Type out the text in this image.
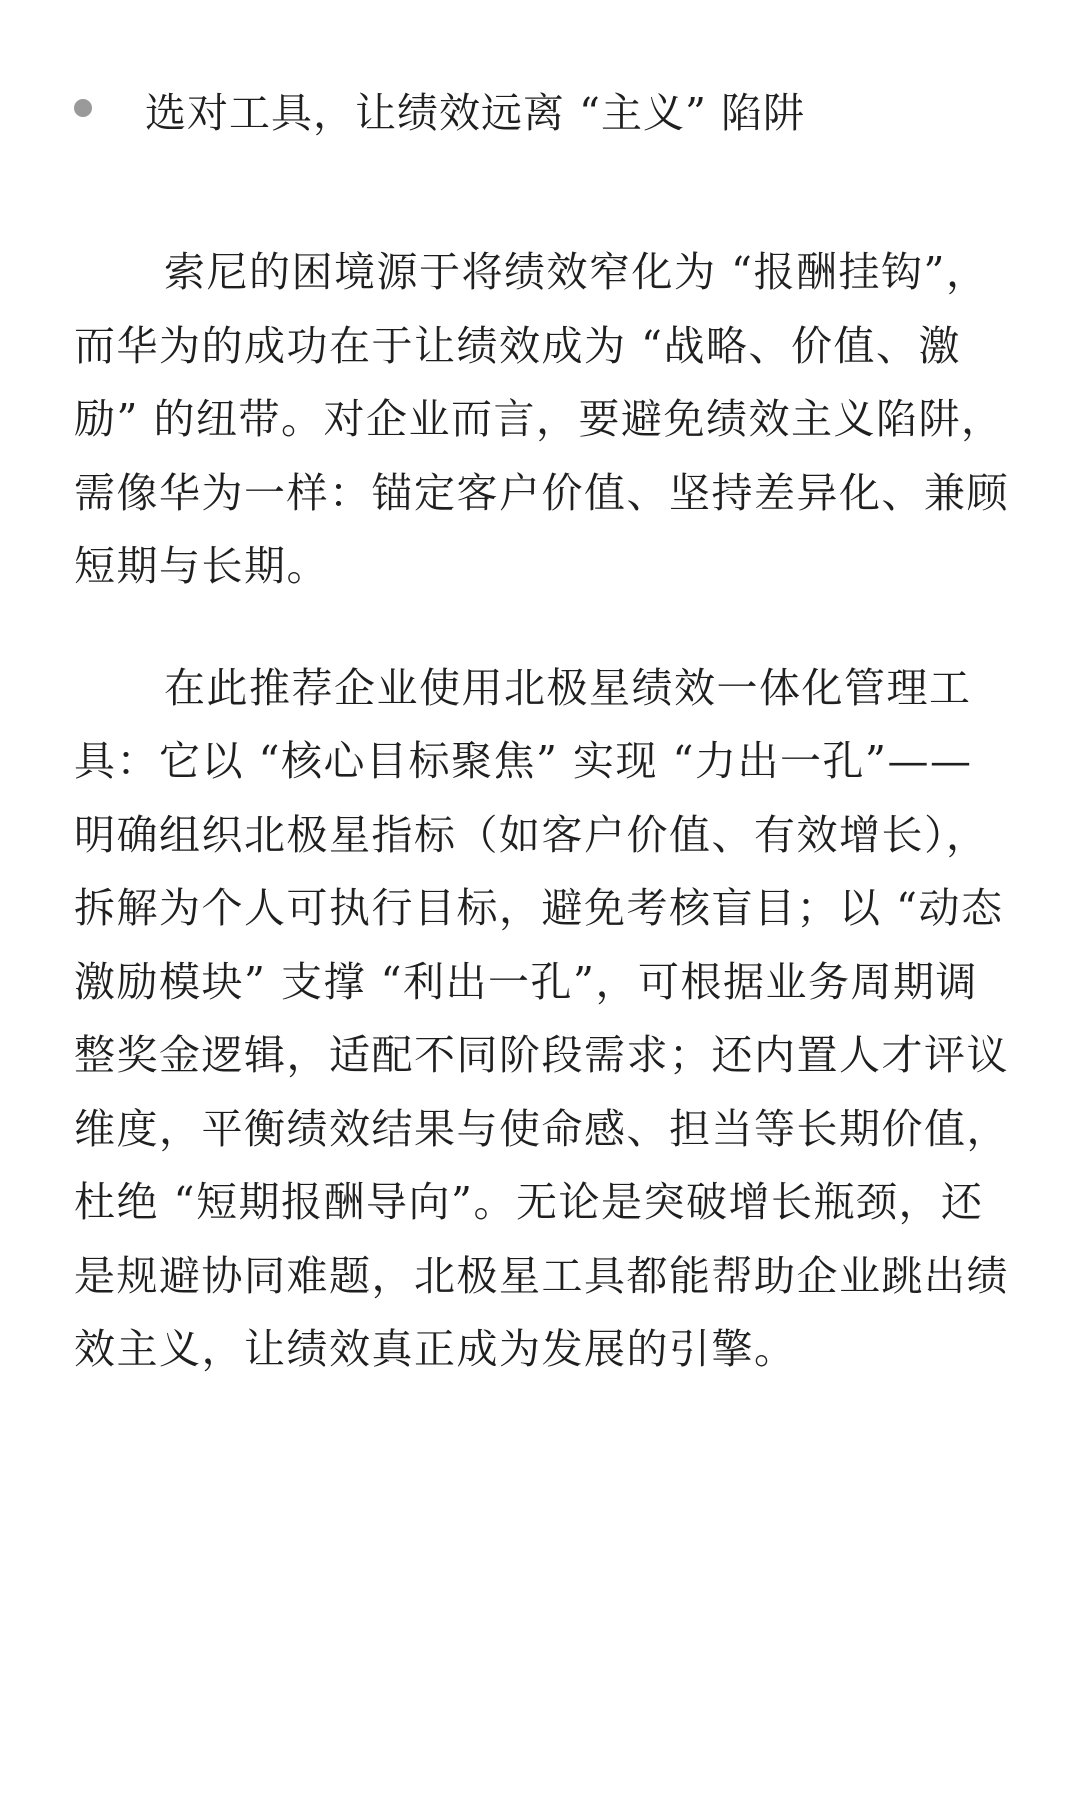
选对工具，让绩效远离 “主义” 陷阱

索尼的困境源于将绩效窄化为 “报酬挂钩”，而华为的成功在于让绩效成为 “战略、价值、激励” 的纽带。对企业而言，要避免绩效主义陷阱，需像华为一样：锚定客户价值、坚持差异化、兼顾短期与长期。

在此推荐企业使用北极星绩效一体化管理工具：它以 “核心目标聚焦” 实现 “力出一孔”—— 明确组织北极星指标（如客户价值、有效增长），拆解为个人可执行目标，避免考核盲目；以 “动态激励模块” 支撑 “利出一孔”，可根据业务周期调整奖金逻辑，适配不同阶段需求；还内置人才评议维度，平衡绩效结果与使命感、担当等长期价值，杜绝 “短期报酬导向”。无论是突破增长瓶颈，还是规避协同难题，北极星工具都能帮助企业跳出绩效主义，让绩效真正成为发展的引擎。
